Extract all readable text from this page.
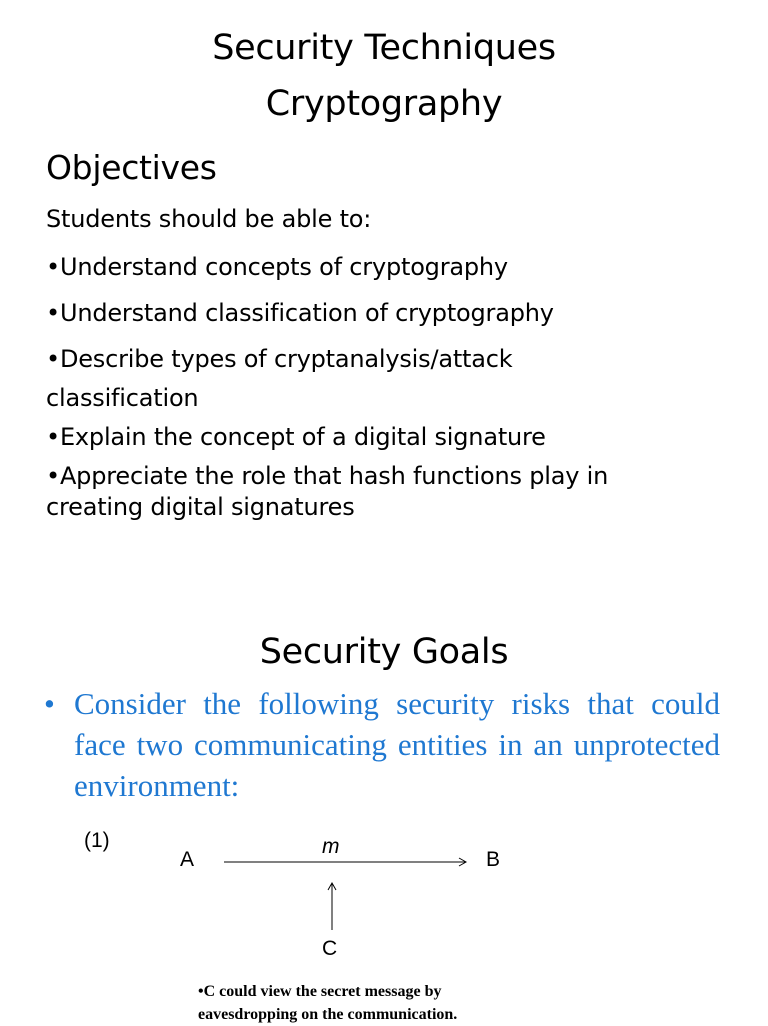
Security Techniques
Cryptography
Objectives
Students should be able to:
•Understand concepts of cryptography
•Understand classification of cryptography
•Describe types of cryptanalysis/attack
classification
•Explain the concept of a digital signature
•Appreciate the role that hash functions play in
creating digital signatures
Security Goals
• Consider the following security risks that could face two communicating entities in an unprotected environment:
(1)
A	B
m
C
•C could view the secret message by eavesdropping on the communication.
